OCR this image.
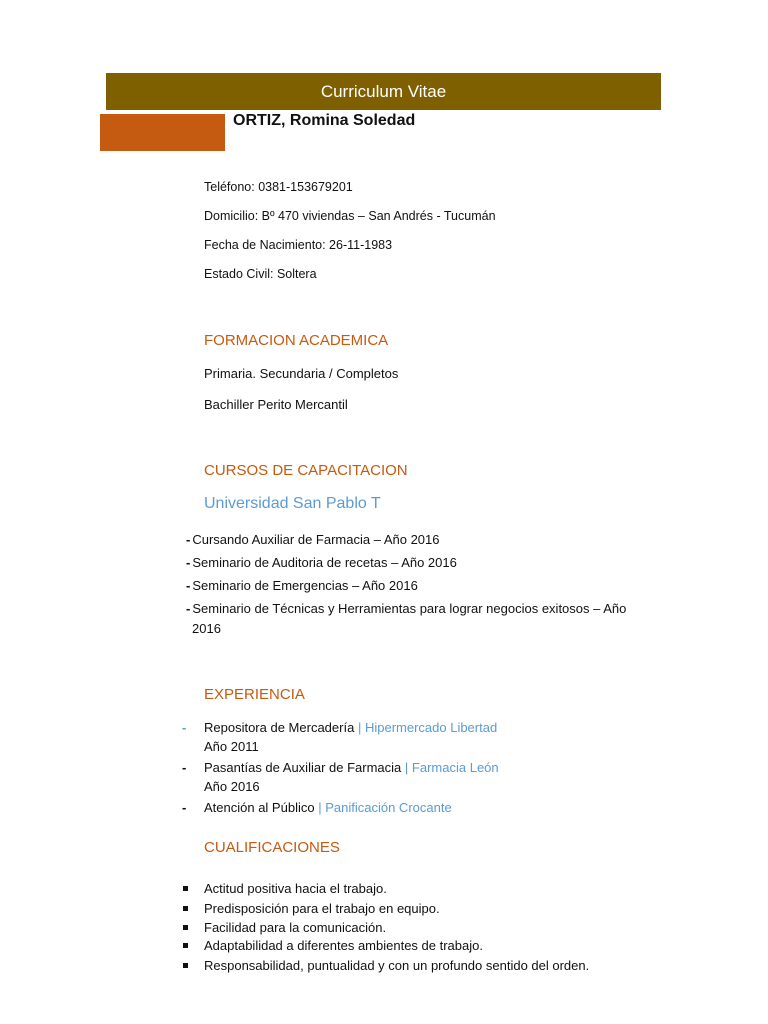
Curriculum Vitae
ORTIZ, Romina Soledad
Teléfono: 0381-153679201
Domicilio: Bº 470 viviendas – San Andrés - Tucumán
Fecha de Nacimiento: 26-11-1983
Estado Civil: Soltera
FORMACION ACADEMICA
Primaria. Secundaria / Completos
Bachiller Perito Mercantil
CURSOS DE CAPACITACION
Universidad San Pablo T
- Cursando Auxiliar de Farmacia – Año 2016
- Seminario de Auditoria de recetas – Año 2016
- Seminario de Emergencias – Año 2016
- Seminario de Técnicas y Herramientas para lograr negocios exitosos – Año
2016
EXPERIENCIA
- Repositora de Mercadería | Hipermercado Libertad
Año 2011
- Pasantías de Auxiliar de Farmacia | Farmacia León
Año 2016
- Atención al Público | Panificación Crocante
CUALIFICACIONES
Actitud positiva hacia el trabajo.
Predisposición para el trabajo en equipo.
Facilidad para la comunicación.
Adaptabilidad a diferentes ambientes de trabajo.
Responsabilidad, puntualidad y con un profundo sentido del orden.
